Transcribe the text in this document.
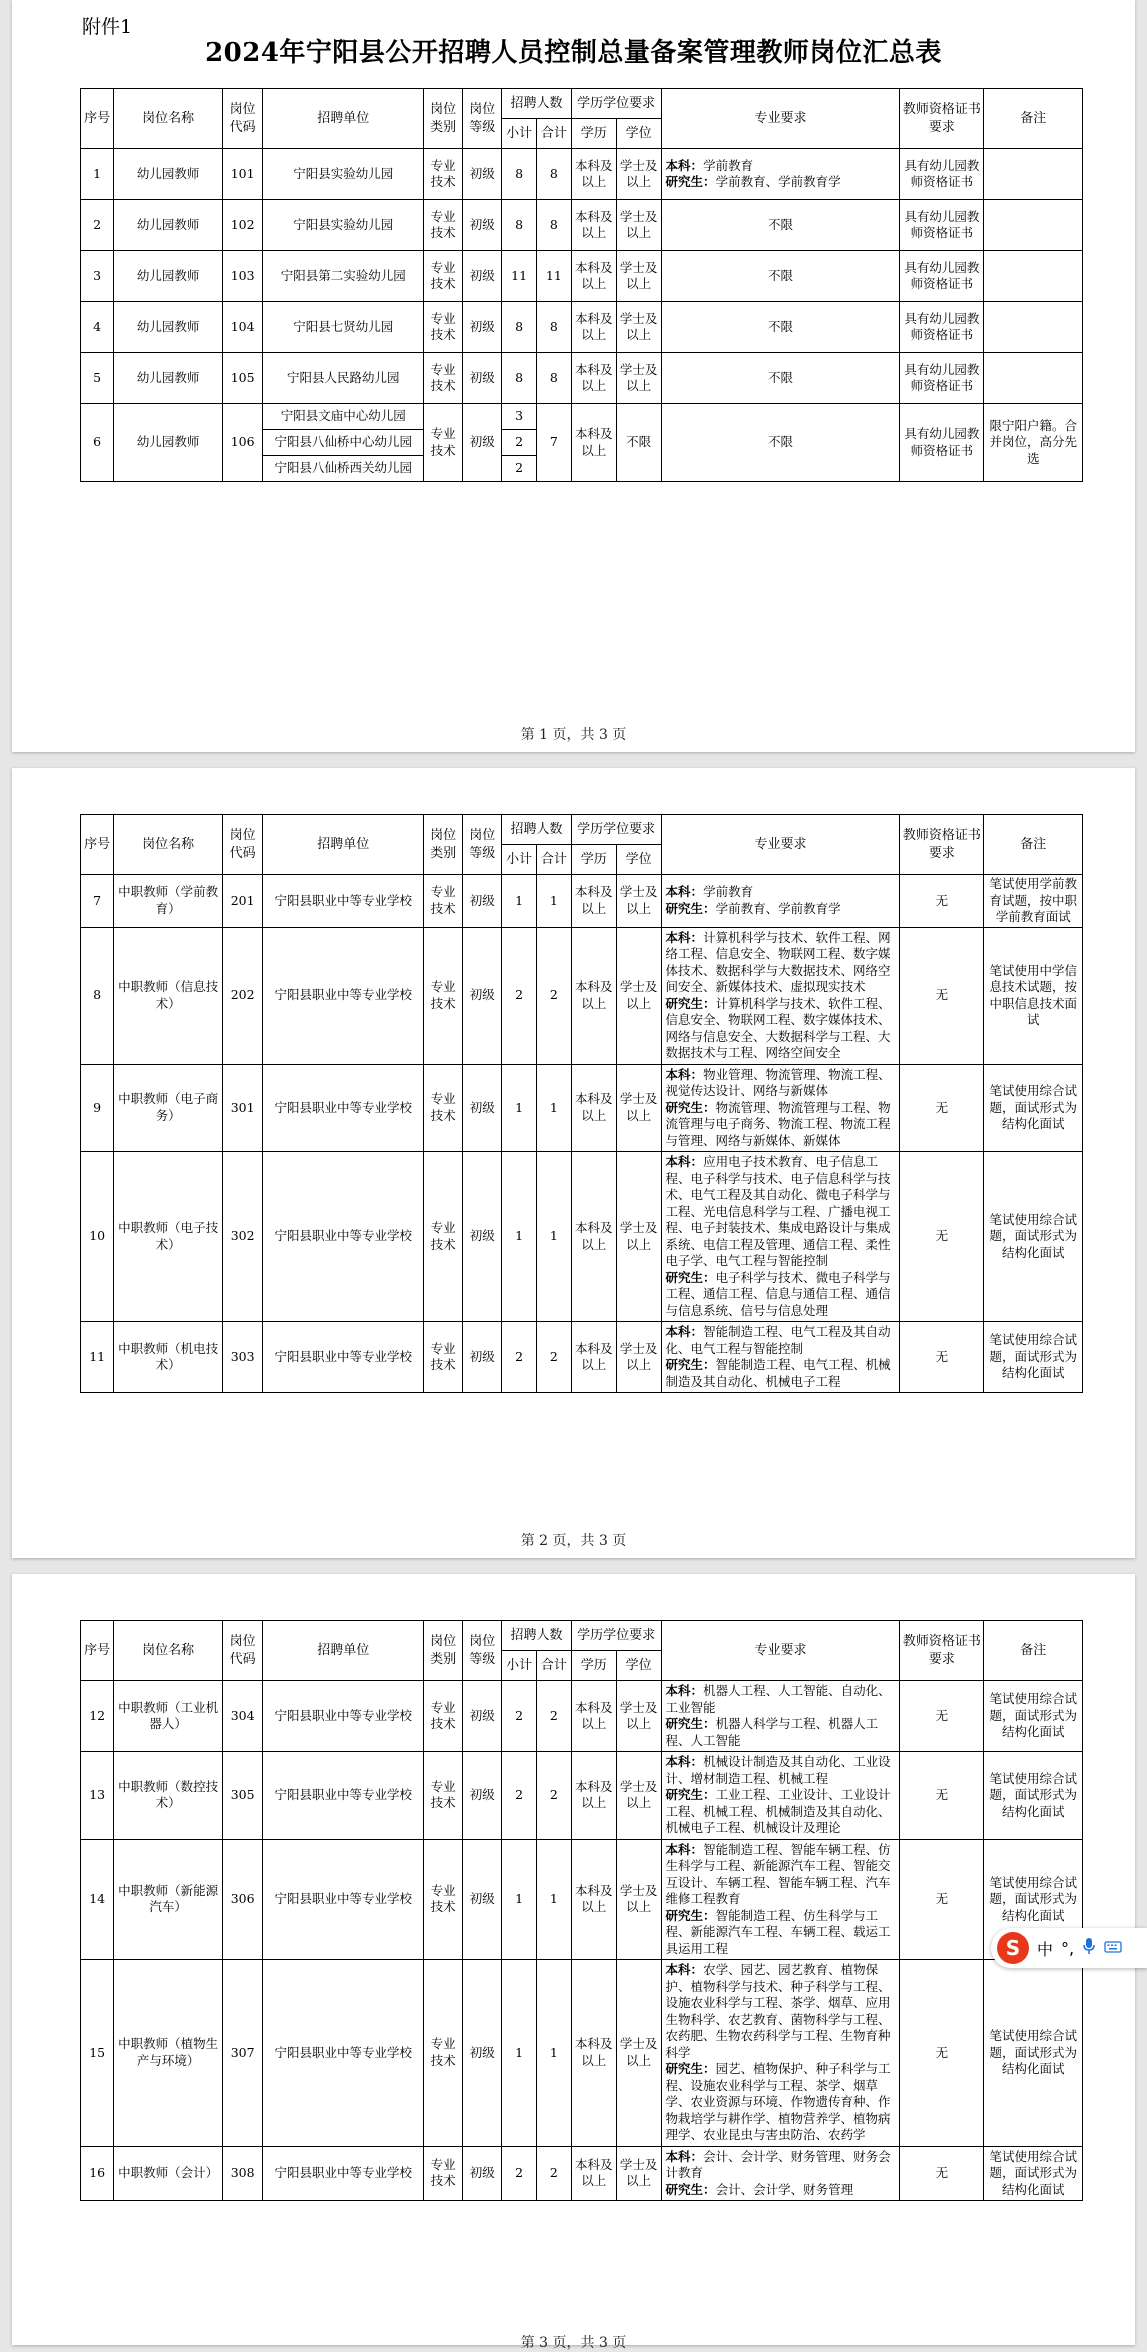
附件1
2024年宁阳县公开招聘人员控制总量备案管理教师岗位汇总表
序号	岗位名称	岗位代码	招聘单位	岗位类别	岗位等级	招聘人数		学历学位要求		专业要求	教师资格证书要求	备注
						小计	合计	学历	学位			
1	幼儿园教师	101	宁阳县实验幼儿园	专业技术	初级	8	8	本科及以上	学士及以上	本科：学前教育
研究生：学前教育、学前教育学	具有幼儿园教师资格证书	
2	幼儿园教师	102	宁阳县实验幼儿园	专业技术	初级	8	8	本科及以上	学士及以上	不限	具有幼儿园教师资格证书	
3	幼儿园教师	103	宁阳县第二实验幼儿园	专业技术	初级	11	11	本科及以上	学士及以上	不限	具有幼儿园教师资格证书	
4	幼儿园教师	104	宁阳县七贤幼儿园	专业技术	初级	8	8	本科及以上	学士及以上	不限	具有幼儿园教师资格证书	
5	幼儿园教师	105	宁阳县人民路幼儿园	专业技术	初级	8	8	本科及以上	学士及以上	不限	具有幼儿园教师资格证书	
6	幼儿园教师	106	宁阳县文庙中心幼儿园	专业技术	初级	3	7	本科及以上	不限	不限	具有幼儿园教师资格证书	限宁阳户籍。合并岗位，高分先选
			宁阳县八仙桥中心幼儿园			2						
			宁阳县八仙桥西关幼儿园			2						
第 1 页，共 3 页
序号	岗位名称	岗位代码	招聘单位	岗位类别	岗位等级	招聘人数		学历学位要求		专业要求	教师资格证书要求	备注
						小计	合计	学历	学位			
7	中职教师（学前教育）	201	宁阳县职业中等专业学校	专业技术	初级	1	1	本科及以上	学士及以上	本科：学前教育
研究生：学前教育、学前教育学	无	笔试使用学前教育试题，按中职学前教育面试
8	中职教师（信息技术）	202	宁阳县职业中等专业学校	专业技术	初级	2	2	本科及以上	学士及以上	本科：计算机科学与技术、软件工程、网络工程、信息安全、物联网工程、数字媒体技术、数据科学与大数据技术、网络空间安全、新媒体技术、虚拟现实技术
研究生：计算机科学与技术、软件工程、信息安全、物联网工程、数字媒体技术、网络与信息安全、大数据科学与工程、大数据技术与工程、网络空间安全	无	笔试使用中学信息技术试题，按中职信息技术面试
9	中职教师（电子商务）	301	宁阳县职业中等专业学校	专业技术	初级	1	1	本科及以上	学士及以上	本科：物业管理、物流管理、物流工程、视觉传达设计、网络与新媒体
研究生：物流管理、物流管理与工程、物流管理与电子商务、物流工程、物流工程与管理、网络与新媒体、新媒体	无	笔试使用综合试题，面试形式为结构化面试
10	中职教师（电子技术）	302	宁阳县职业中等专业学校	专业技术	初级	1	1	本科及以上	学士及以上	本科：应用电子技术教育、电子信息工程、电子科学与技术、电子信息科学与技术、电气工程及其自动化、微电子科学与工程、光电信息科学与工程、广播电视工程、电子封装技术、集成电路设计与集成系统、电信工程及管理、通信工程、柔性电子学、电气工程与智能控制
研究生：电子科学与技术、微电子科学与工程、通信工程、信息与通信工程、通信与信息系统、信号与信息处理	无	笔试使用综合试题，面试形式为结构化面试
11	中职教师（机电技术）	303	宁阳县职业中等专业学校	专业技术	初级	2	2	本科及以上	学士及以上	本科：智能制造工程、电气工程及其自动化、电气工程与智能控制
研究生：智能制造工程、电气工程、机械制造及其自动化、机械电子工程	无	笔试使用综合试题，面试形式为结构化面试
第 2 页，共 3 页
序号	岗位名称	岗位代码	招聘单位	岗位类别	岗位等级	招聘人数		学历学位要求		专业要求	教师资格证书要求	备注
						小计	合计	学历	学位			
12	中职教师（工业机器人）	304	宁阳县职业中等专业学校	专业技术	初级	2	2	本科及以上	学士及以上	本科：机器人工程、人工智能、自动化、工业智能
研究生：机器人科学与工程、机器人工程、人工智能	无	笔试使用综合试题，面试形式为结构化面试
13	中职教师（数控技术）	305	宁阳县职业中等专业学校	专业技术	初级	2	2	本科及以上	学士及以上	本科：机械设计制造及其自动化、工业设计、增材制造工程、机械工程
研究生：工业工程、工业设计、工业设计工程、机械工程、机械制造及其自动化、机械电子工程、机械设计及理论	无	笔试使用综合试题，面试形式为结构化面试
14	中职教师（新能源汽车）	306	宁阳县职业中等专业学校	专业技术	初级	1	1	本科及以上	学士及以上	本科：智能制造工程、智能车辆工程、仿生科学与工程、新能源汽车工程、智能交互设计、车辆工程、智能车辆工程、汽车维修工程教育
研究生：智能制造工程、仿生科学与工程、新能源汽车工程、车辆工程、载运工具运用工程	无	笔试使用综合试题，面试形式为结构化面试
15	中职教师（植物生产与环境）	307	宁阳县职业中等专业学校	专业技术	初级	1	1	本科及以上	学士及以上	本科：农学、园艺、园艺教育、植物保护、植物科学与技术、种子科学与工程、设施农业科学与工程、茶学、烟草、应用生物科学、农艺教育、菌物科学与工程、农药肥、生物农药科学与工程、生物育种科学
研究生：园艺、植物保护、种子科学与工程、设施农业科学与工程、茶学、烟草学、农业资源与环境、作物遗传育种、作物栽培学与耕作学、植物营养学、植物病理学、农业昆虫与害虫防治、农药学	无	笔试使用综合试题，面试形式为结构化面试
16	中职教师（会计）	308	宁阳县职业中等专业学校	专业技术	初级	2	2	本科及以上	学士及以上	本科：会计、会计学、财务管理、财务会计教育
研究生：会计、会计学、财务管理	无	笔试使用综合试题，面试形式为结构化面试
第 3 页，共 3 页
S	中 °,
